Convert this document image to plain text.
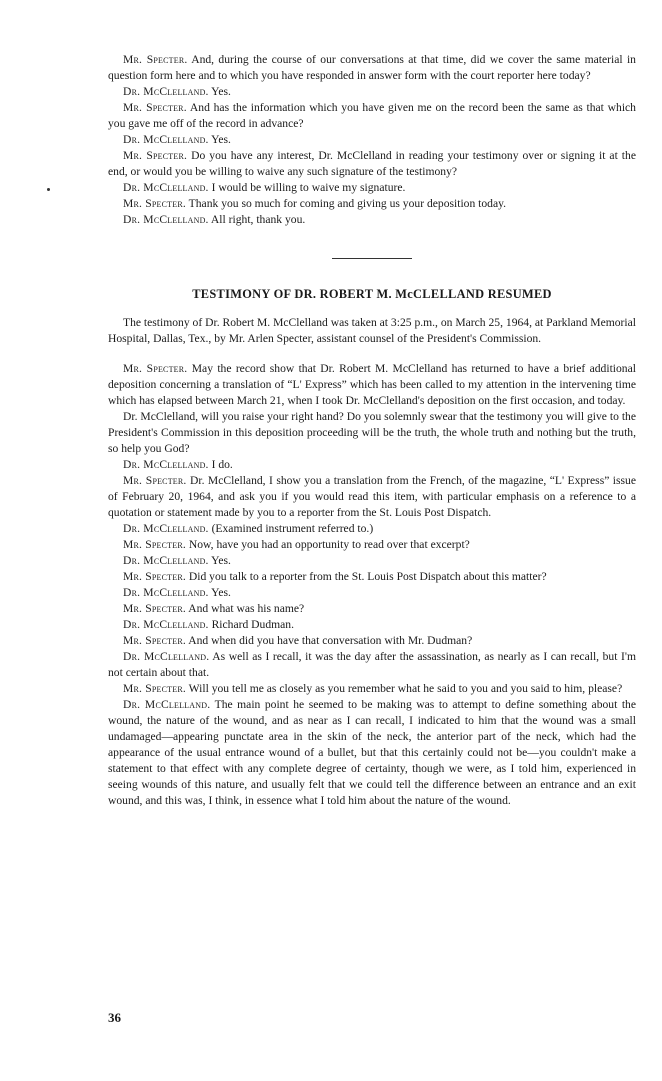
Mr. Specter. And, during the course of our conversations at that time, did we cover the same material in question form here and to which you have responded in answer form with the court reporter here today?

Dr. McClelland. Yes.

Mr. Specter. And has the information which you have given me on the record been the same as that which you gave me off of the record in advance?

Dr. McClelland. Yes.

Mr. Specter. Do you have any interest, Dr. McClelland in reading your testimony over or signing it at the end, or would you be willing to waive any such signature of the testimony?

Dr. McClelland. I would be willing to waive my signature.

Mr. Specter. Thank you so much for coming and giving us your deposition today.

Dr. McClelland. All right, thank you.

TESTIMONY OF DR. ROBERT M. McCLELLAND RESUMED

The testimony of Dr. Robert M. McClelland was taken at 3:25 p.m., on March 25, 1964, at Parkland Memorial Hospital, Dallas, Tex., by Mr. Arlen Specter, assistant counsel of the President's Commission.

Mr. Specter. May the record show that Dr. Robert M. McClelland has returned to have a brief additional deposition concerning a translation of “L' Express” which has been called to my attention in the intervening time which has elapsed between March 21, when I took Dr. McClelland's deposition on the first occasion, and today.

Dr. McClelland, will you raise your right hand? Do you solemnly swear that the testimony you will give to the President's Commission in this deposition proceeding will be the truth, the whole truth and nothing but the truth, so help you God?

Dr. McClelland. I do.

Mr. Specter. Dr. McClelland, I show you a translation from the French, of the magazine, “L' Express” issue of February 20, 1964, and ask you if you would read this item, with particular emphasis on a reference to a quotation or statement made by you to a reporter from the St. Louis Post Dispatch.

Dr. McClelland. (Examined instrument referred to.)

Mr. Specter. Now, have you had an opportunity to read over that excerpt?

Dr. McClelland. Yes.

Mr. Specter. Did you talk to a reporter from the St. Louis Post Dispatch about this matter?

Dr. McClelland. Yes.

Mr. Specter. And what was his name?

Dr. McClelland. Richard Dudman.

Mr. Specter. And when did you have that conversation with Mr. Dudman?

Dr. McClelland. As well as I recall, it was the day after the assassination, as nearly as I can recall, but I'm not certain about that.

Mr. Specter. Will you tell me as closely as you remember what he said to you and you said to him, please?

Dr. McClelland. The main point he seemed to be making was to attempt to define something about the wound, the nature of the wound, and as near as I can recall, I indicated to him that the wound was a small undamaged—appearing punctate area in the skin of the neck, the anterior part of the neck, which had the appearance of the usual entrance wound of a bullet, but that this certainly could not be—you couldn't make a statement to that effect with any complete degree of certainty, though we were, as I told him, experienced in seeing wounds of this nature, and usually felt that we could tell the difference between an entrance and an exit wound, and this was, I think, in essence what I told him about the nature of the wound.

36
